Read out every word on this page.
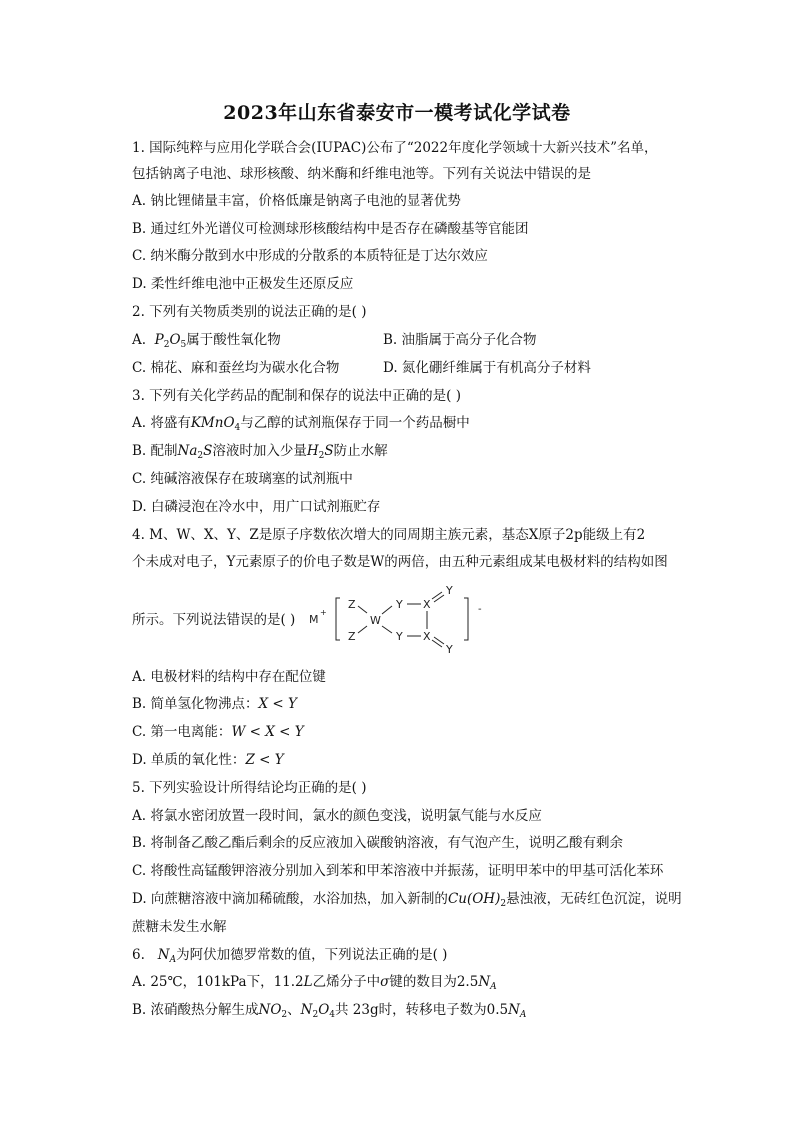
2023年山东省泰安市一模考试化学试卷
1. 国际纯粹与应用化学联合会(IUPAC)公布了“2022年度化学领域十大新兴技术”名单，
包括钠离子电池、球形核酸、纳米酶和纤维电池等。下列有关说法中错误的是
A. 钠比锂储量丰富，价格低廉是钠离子电池的显著优势
B. 通过红外光谱仪可检测球形核酸结构中是否存在磷酸基等官能团
C. 纳米酶分散到水中形成的分散系的本质特征是丁达尔效应
D. 柔性纤维电池中正极发生还原反应
2. 下列有关物质类别的说法正确的是( )
A. $P_2O_5$属于酸性氧化物	B. 油脂属于高分子化合物
C. 棉花、麻和蚕丝均为碳水化合物	D. 氮化硼纤维属于有机高分子材料
3. 下列有关化学药品的配制和保存的说法中正确的是( )
A. 将盛有KMnO$_4$与乙醇的试剂瓶保存于同一个药品橱中
B. 配制$Na_2S$溶液时加入少量$H_2S$防止水解
C. 纯碱溶液保存在玻璃塞的试剂瓶中
D. 白磷浸泡在冷水中，用广口试剂瓶贮存
4. M、W、X、Y、Z是原子序数依次增大的同周期主族元素，基态X原子2p能级上有2
个未成对电子，Y元素原子的价电子数是W的两倍，由五种元素组成某电极材料的结构如图
所示。下列说法错误的是( ) M
+
Z
Z
W
Y
Y
X
X
Y
Y
-
A. 电极材料的结构中存在配位键
B. 简单氢化物沸点：X < Y
C. 第一电离能：W < X < Y
D. 单质的氧化性：Z < Y
5. 下列实验设计所得结论均正确的是( )
A. 将氯水密闭放置一段时间，氯水的颜色变浅，说明氯气能与水反应
B. 将制备乙酸乙酯后剩余的反应液加入碳酸钠溶液，有气泡产生，说明乙酸有剩余
C. 将酸性高锰酸钾溶液分别加入到苯和甲苯溶液中并振荡，证明甲苯中的甲基可活化苯环
D. 向蔗糖溶液中滴加稀硫酸，水浴加热，加入新制的$Cu(OH)_2$悬浊液，无砖红色沉淀，说明
蔗糖未发生水解
6. $N_A$为阿伏加德罗常数的值，下列说法正确的是( )
A. 25℃，101kPa下，11.2L乙烯分子中σ键的数目为$2.5N_A$
B. 浓硝酸热分解生成$NO_2$、$N_2O_4$共 23g时，转移电子数为$0.5N_A$
